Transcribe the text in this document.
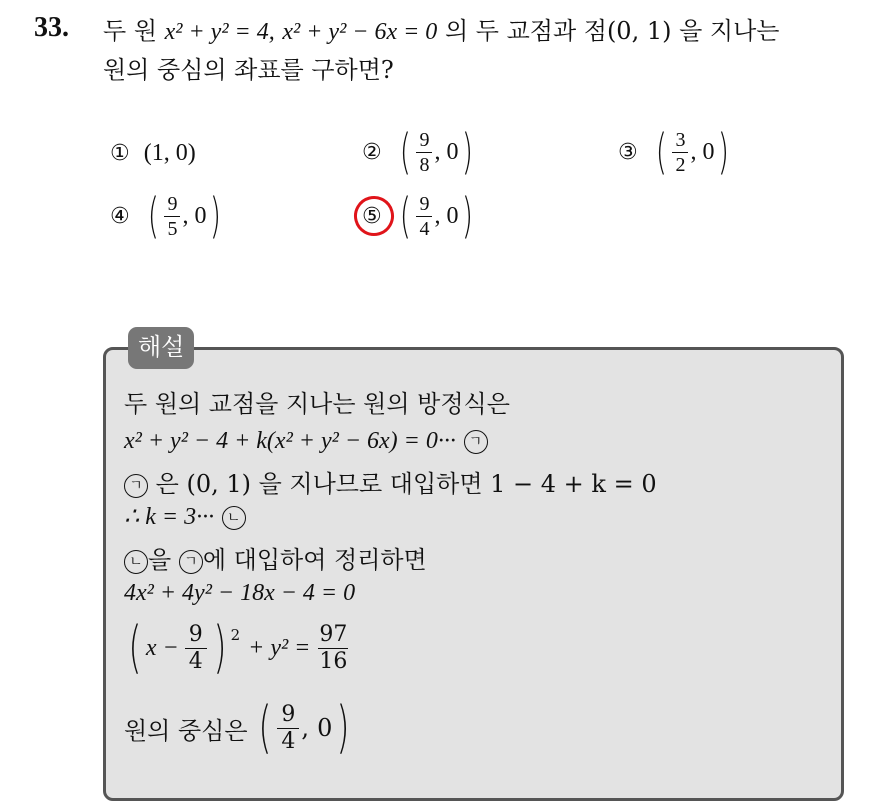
33. 두 원 x² + y² = 4, x² + y² − 6x = 0 의 두 교점과 점(0, 1) 을 지나는
원의 중심의 좌표를 구하면?
① (1, 0)	② ( $\frac{9}{8}$ , 0 )	③ ( $\frac{3}{2}$ , 0 )
④ ( $\frac{9}{5}$ , 0 )	⑤ ( $\frac{9}{4}$ , 0 )
해설
두 원의 교점을 지나는 원의 방정식은
x² + y² − 4 + k(x² + y² − 6x) = 0··· ㄱ
ㄱ 은 (0, 1) 을 지나므로 대입하면 1 − 4 + k = 0
∴ k = 3··· ㄴ
ㄴ 을 ㄱ 에 대입하여 정리하면
4x² + 4y² − 18x − 4 = 0
( $x - \frac{9}{4}$ ) $2 + y^2 = \frac{97}{16}$
원의 중심은 ( $\frac{9}{4}$ , 0 )
